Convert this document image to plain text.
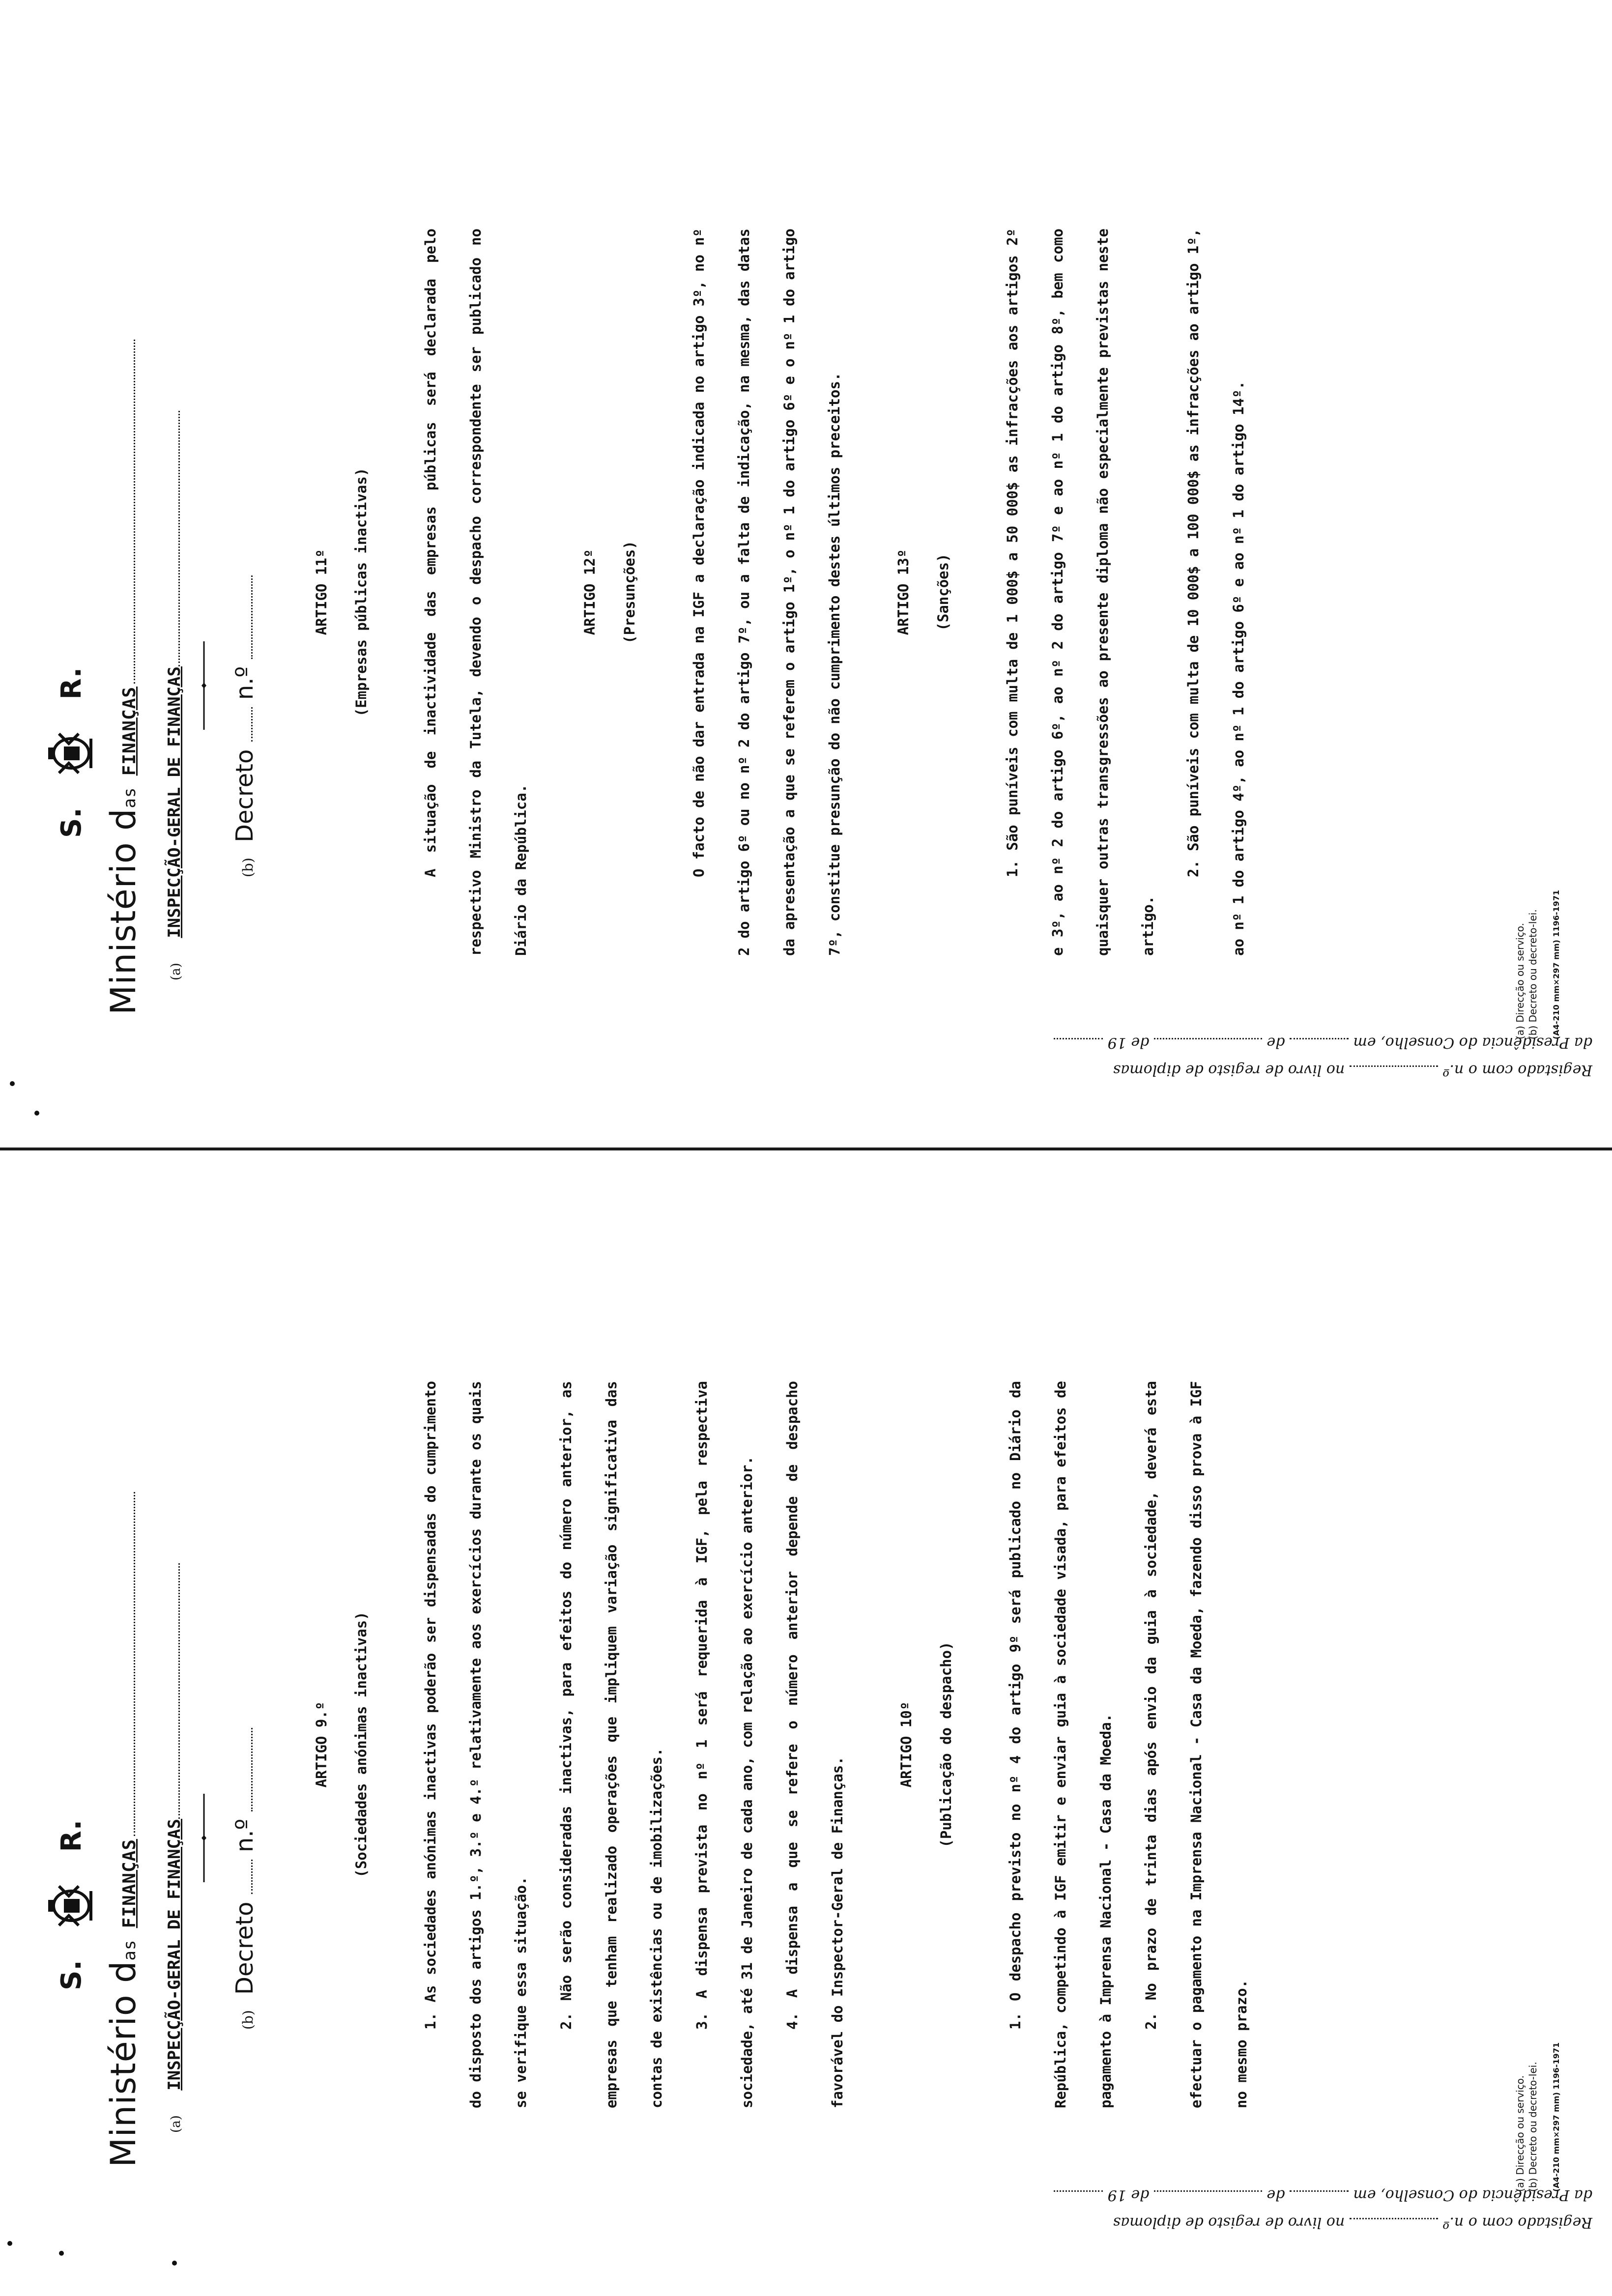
S.
R.
Ministério das FINANÇAS
(a) INSPECÇÃO-GERAL DE FINANÇAS	(b) Decreto  n.º
ARTIGO 11º (Empresas públicas inactivas)	A situação de inactividade das empresas públicas será declarada pelo respectivo Ministro da Tutela, devendo o despacho correspondente ser publicado no Diário da República.

ARTIGO 12º (Presunções)	O facto de não dar entrada na IGF a declaração indicada no artigo 3º, no nº 2 do artigo 6º ou no nº 2 do artigo 7º, ou a falta de indicação, na mesma, das datas da apresentação a que se referem o artigo 1º, o nº 1 do artigo 6º e o nº 1 do artigo 7º, constitue presunção do não cumprimento destes últimos preceitos.	ARTIGO 13º (Sanções)	1. São puníveis com multa de 1 000$ a 50 000$ as infracções aos artigos 2º e 3º, ao nº 2 do artigo 6º, ao nº 2 do artigo 7º e ao nº 1 do artigo 8º, bem como quaisquer outras transgressões ao presente diploma não especialmente previstas neste artigo.

2. São puníveis com multa de 10 000$ a 100 000$ as infracções ao artigo 1º, ao nº 1 do artigo 4º, ao nº 1 do artigo 6º e ao nº 1 do artigo 14º.

Registado com o n.º  no livro de registo de diplomas
da Presidência do Conselho, em  de  de 19
(a) Direcção ou serviço. (b) Decreto ou decreto-lei. (A4-210 mm×297 mm) 1196-1971
S.
R.
Ministério das FINANÇAS
(a) INSPECÇÃO-GERAL DE FINANÇAS	(b) Decreto  n.º
ARTIGO 9.º (Sociedades anónimas inactivas)	1. As sociedades anónimas inactivas poderão ser dispensadas do cumprimento do disposto dos artigos 1.º, 3.º e 4.º relativamente aos exercícios durante os quais se verifique essa situação.	2. Não serão consideradas inactivas, para efeitos do número anterior, as empresas que tenham realizado operações que impliquem variação significativa das contas de existências ou de imobilizações.	3. A dispensa prevista no nº 1 será requerida à IGF, pela respectiva sociedade, até 31 de Janeiro de cada ano, com relação ao exercício anterior.	4. A dispensa a que se refere o número anterior depende de despacho favorável do Inspector-Geral de Finanças.

ARTIGO 10º (Publicação do despacho)	1. O despacho previsto no nº 4 do artigo 9º será publicado no Diário da República, competindo à IGF emitir e enviar guia à sociedade visada, para efeitos de pagamento à Imprensa Nacional - Casa da Moeda.	2. No prazo de trinta dias após envio da guia à sociedade, deverá esta efectuar o pagamento na Imprensa Nacional - Casa da Moeda, fazendo disso prova à IGF no mesmo prazo.

Registado com o n.º  no livro de registo de diplomas
da Presidência do Conselho, em  de  de 19
(a) Direcção ou serviço. (b) Decreto ou decreto-lei. (A4-210 mm×297 mm) 1196-1971
